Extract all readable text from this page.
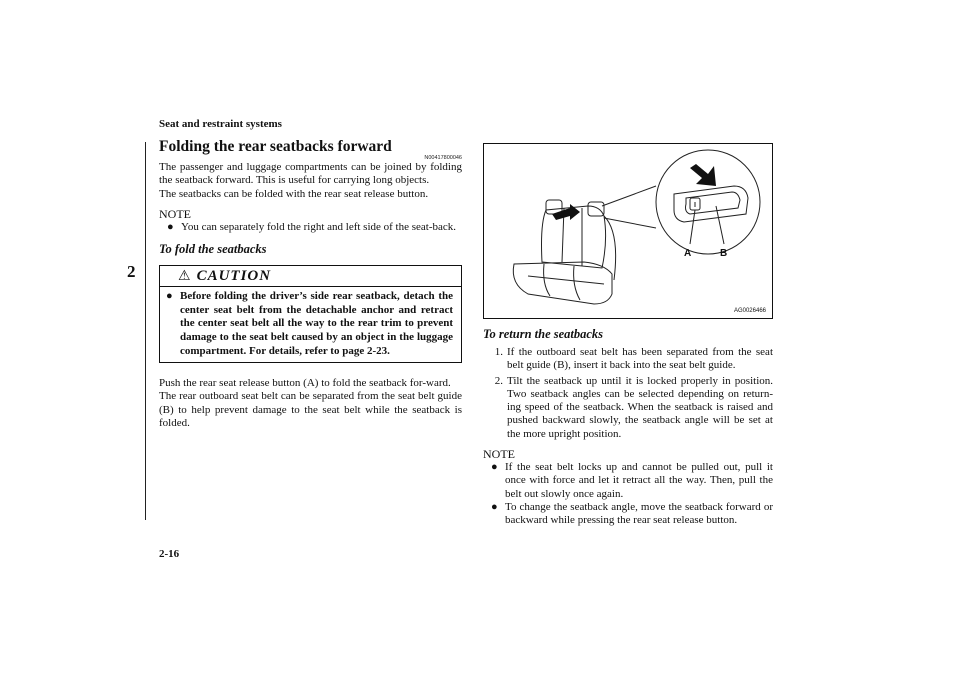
Seat and restraint systems
2
2-16
Folding the rear seatbacks forward
N00417800046

The passenger and luggage compartments can be joined by folding the seatback forward. This is useful for carrying long objects.

The seatbacks can be folded with the rear seat release button.

NOTE
● You can separately fold the right and left side of the seat-back.
To fold the seatbacks
⚠ CAUTION
● Before folding the driver’s side rear seatback, detach the center seat belt from the detachable anchor and retract the center seat belt all the way to the rear trim to prevent damage to the seat belt caused by an object in the luggage compartment. For details, refer to page 2-23.

Push the rear seat release button (A) to fold the seatback for-ward.

The rear outboard seat belt can be separated from the seat belt guide (B) to help prevent damage to the seat belt while the seatback is folded.

A	B
AG0026466
To return the seatbacks
1. If the outboard seat belt has been separated from the seat belt guide (B), insert it back into the seat belt guide.
2. Tilt the seatback up until it is locked properly in position. Two seatback angles can be selected depending on return-ing speed of the seatback. When the seatback is raised and pushed backward slowly, the seatback angle will be set at the more upright position.
NOTE
● If the seat belt locks up and cannot be pulled out, pull it once with force and let it retract all the way. Then, pull the belt out slowly once again.
● To change the seatback angle, move the seatback forward or backward while pressing the rear seat release button.
